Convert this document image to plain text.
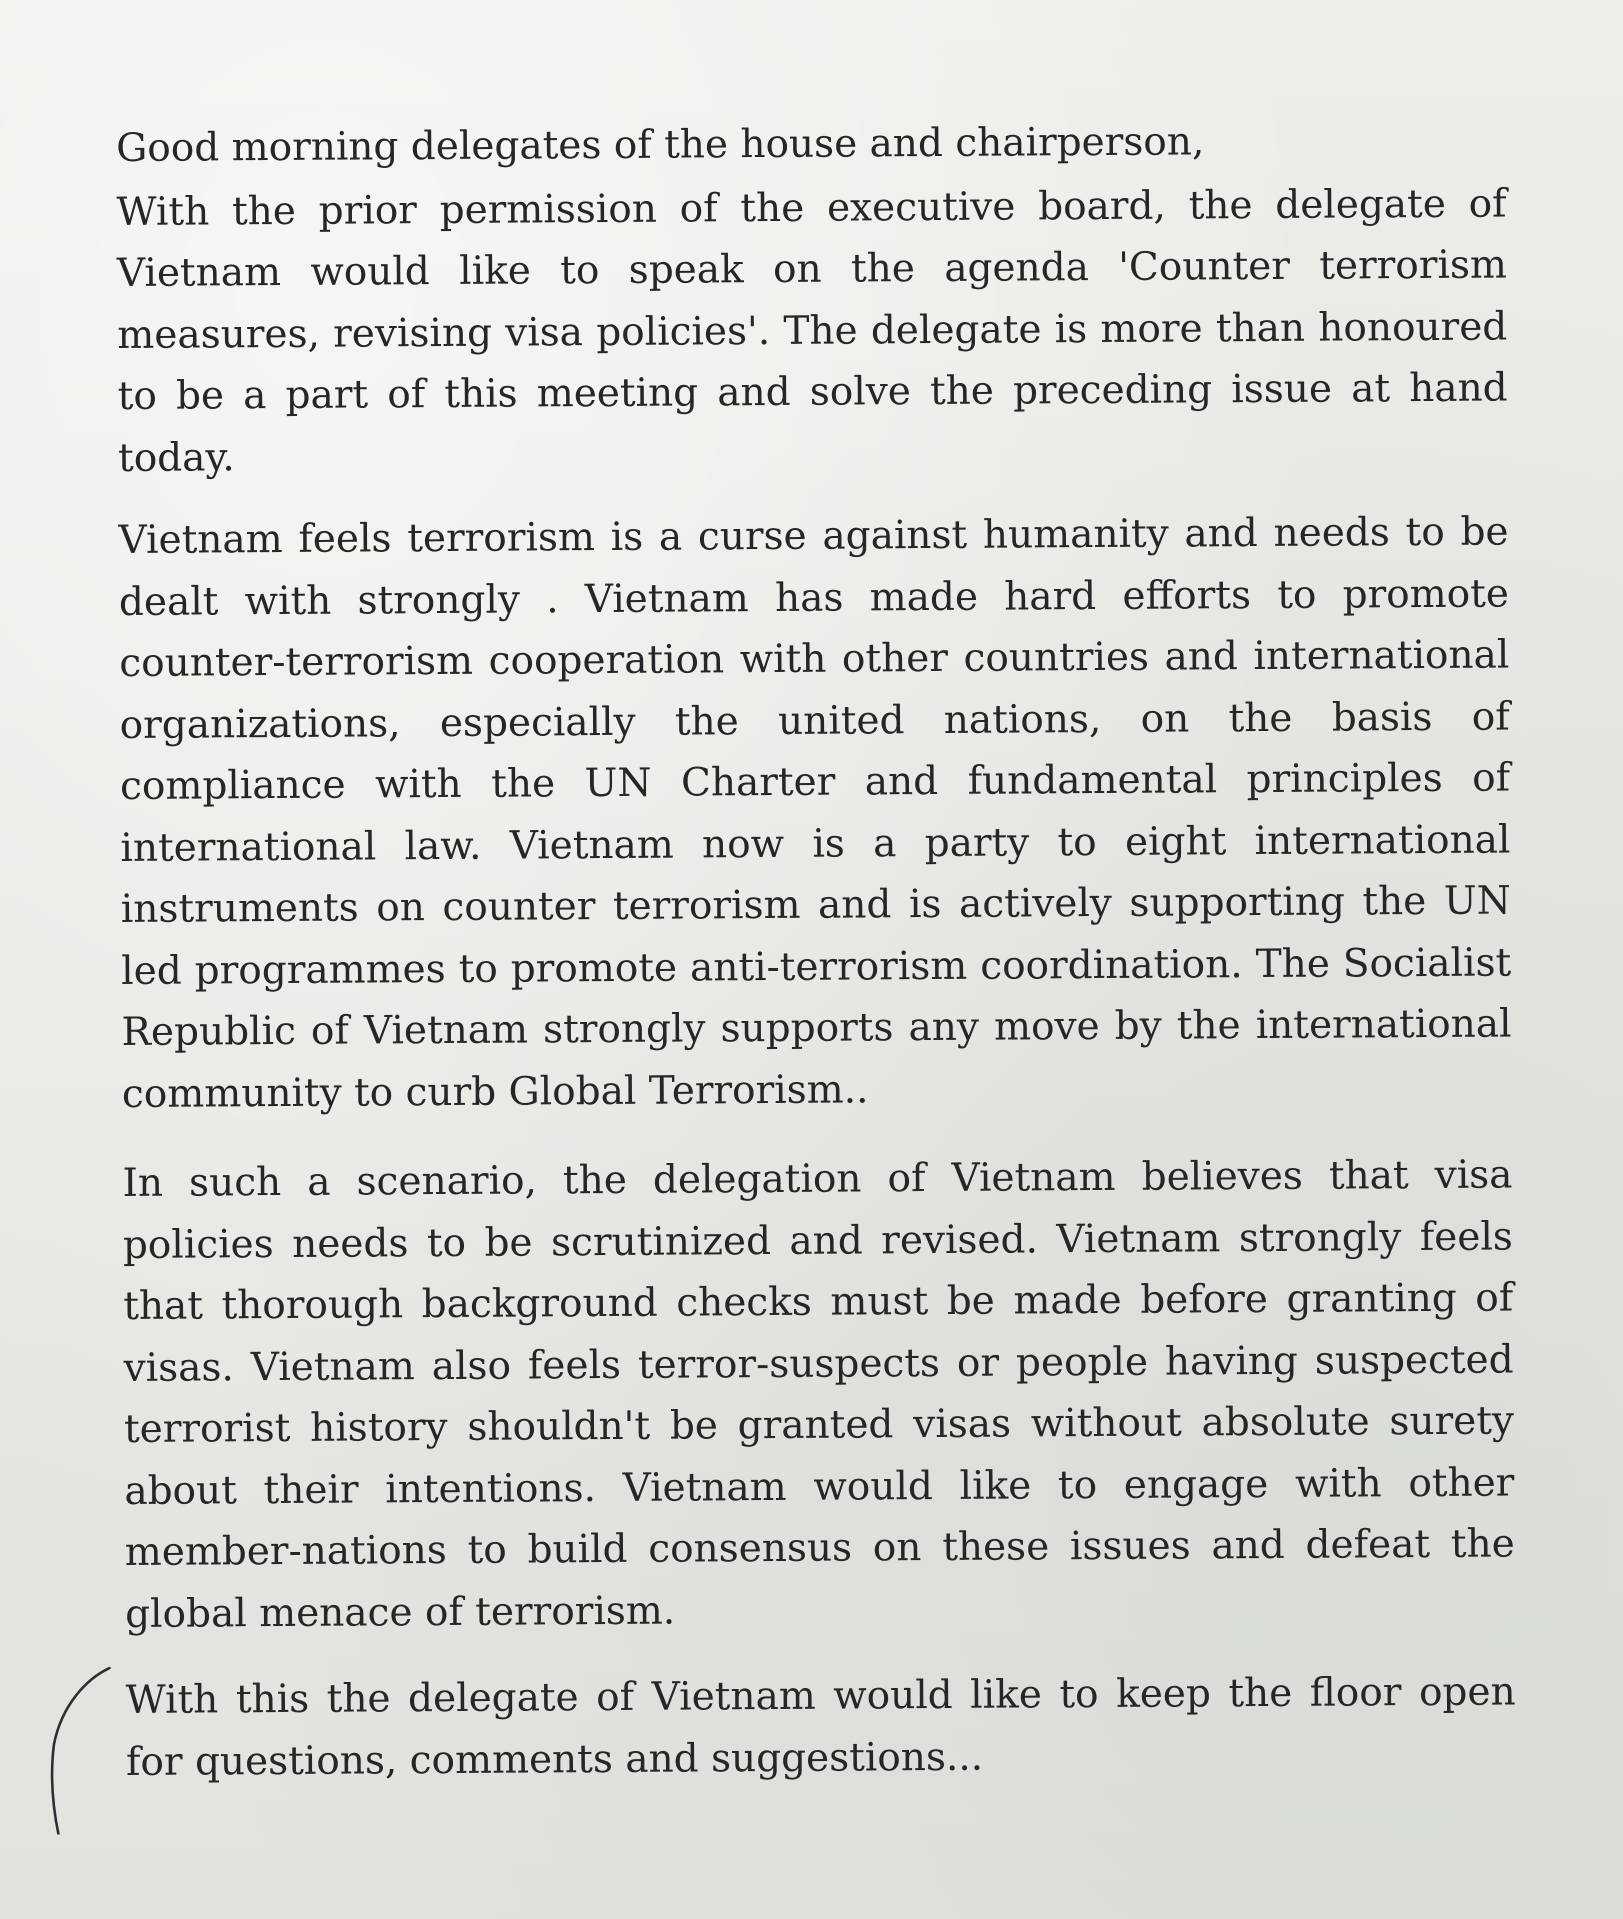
Good morning delegates of the house and chairperson,

With the prior permission of the executive board, the delegate of Vietnam would like to speak on the agenda 'Counter terrorism measures, revising visa policies'. The delegate is more than honoured to be a part of this meeting and solve the preceding issue at hand today.

Vietnam feels terrorism is a curse against humanity and needs to be dealt with strongly . Vietnam has made hard efforts to promote counter-terrorism cooperation with other countries and international organizations, especially the united nations, on the basis of compliance with the UN Charter and fundamental principles of international law. Vietnam now is a party to eight international instruments on counter terrorism and is actively supporting the UN led programmes to promote anti-terrorism coordination. The Socialist Republic of Vietnam strongly supports any move by the international community to curb Global Terrorism..

In such a scenario, the delegation of Vietnam believes that visa policies needs to be scrutinized and revised. Vietnam strongly feels that thorough background checks must be made before granting of visas. Vietnam also feels terror-suspects or people having suspected terrorist history shouldn't be granted visas without absolute surety about their intentions. Vietnam would like to engage with other member-nations to build consensus on these issues and defeat the global menace of terrorism.

With this the delegate of Vietnam would like to keep the floor open for questions, comments and suggestions...
